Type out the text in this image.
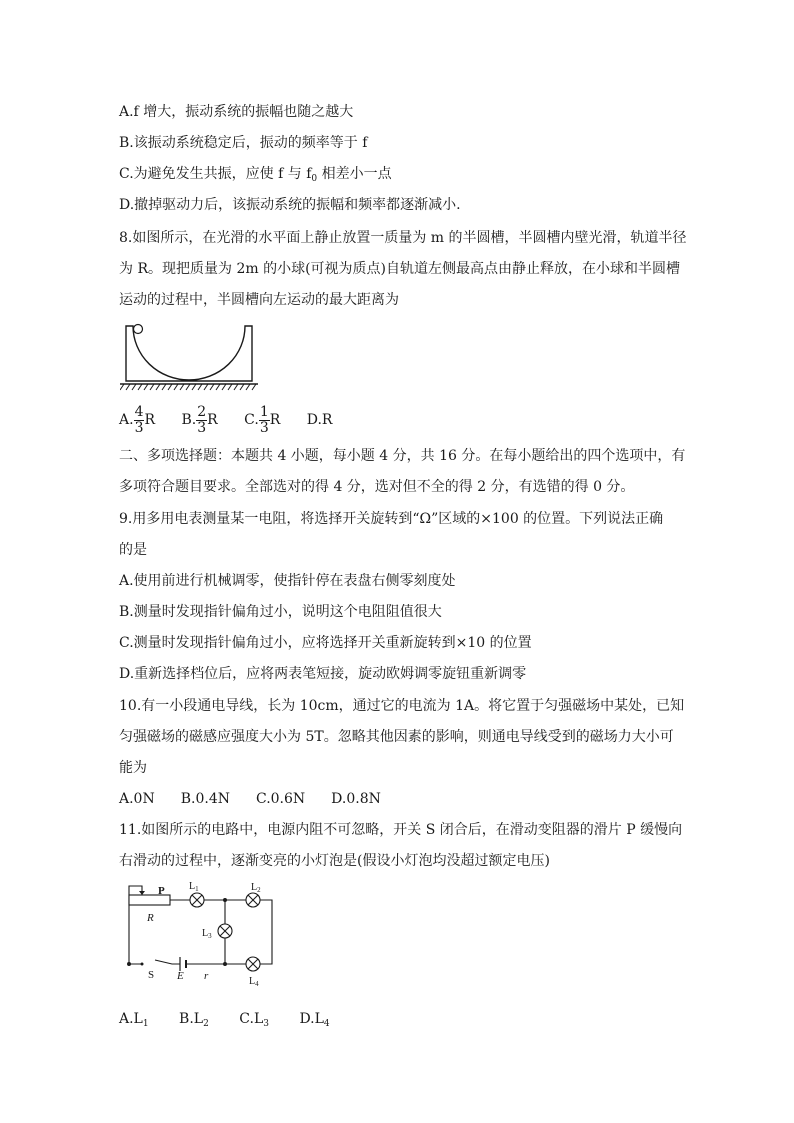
A.f 增大，振动系统的振幅也随之越大
B.该振动系统稳定后，振动的频率等于 f
C.为避免发生共振，应使 f 与 $f_0$ 相差小一点
D.撤掉驱动力后，该振动系统的振幅和频率都逐渐减小.
8.如图所示，在光滑的水平面上静止放置一质量为 m 的半圆槽，半圆槽内壁光滑，轨道半径
为 R。现把质量为 2m 的小球(可视为质点)自轨道左侧最高点由静止释放，在小球和半圆槽
运动的过程中，半圆槽向左运动的最大距离为
A. $\frac{4}{3}$ R B. $\frac{2}{3}$ R C. $\frac{1}{3}$ R D.R
二、多项选择题：本题共 4 小题，每小题 4 分，共 16 分。在每小题给出的四个选项中，有
多项符合题目要求。全部选对的得 4 分，选对但不全的得 2 分，有选错的得 0 分。
9.用多用电表测量某一电阻，将选择开关旋转到“Ω”区域的×100 的位置。下列说法正确
的是
A.使用前进行机械调零，使指针停在表盘右侧零刻度处
B.测量时发现指针偏角过小，说明这个电阻阻值很大
C.测量时发现指针偏角过小，应将选择开关重新旋转到×10 的位置
D.重新选择档位后，应将两表笔短接，旋动欧姆调零旋钮重新调零
10.有一小段通电导线，长为 10cm，通过它的电流为 1A。将它置于匀强磁场中某处，已知
匀强磁场的磁感应强度大小为 5T。忽略其他因素的影响，则通电导线受到的磁场力大小可
能为
A.0N B.0.4N C.0.6N D.0.8N
11.如图所示的电路中，电源内阻不可忽略，开关 S 闭合后，在滑动变阻器的滑片 P 缓慢向
右滑动的过程中，逐渐变亮的小灯泡是(假设小灯泡均没超过额定电压)
P
R
$L_1$	$L_2$
$L_3$
$L_4$
S E r
$A.L_1$ $B.L_2$ $C.L_3$ $D.L_4$
